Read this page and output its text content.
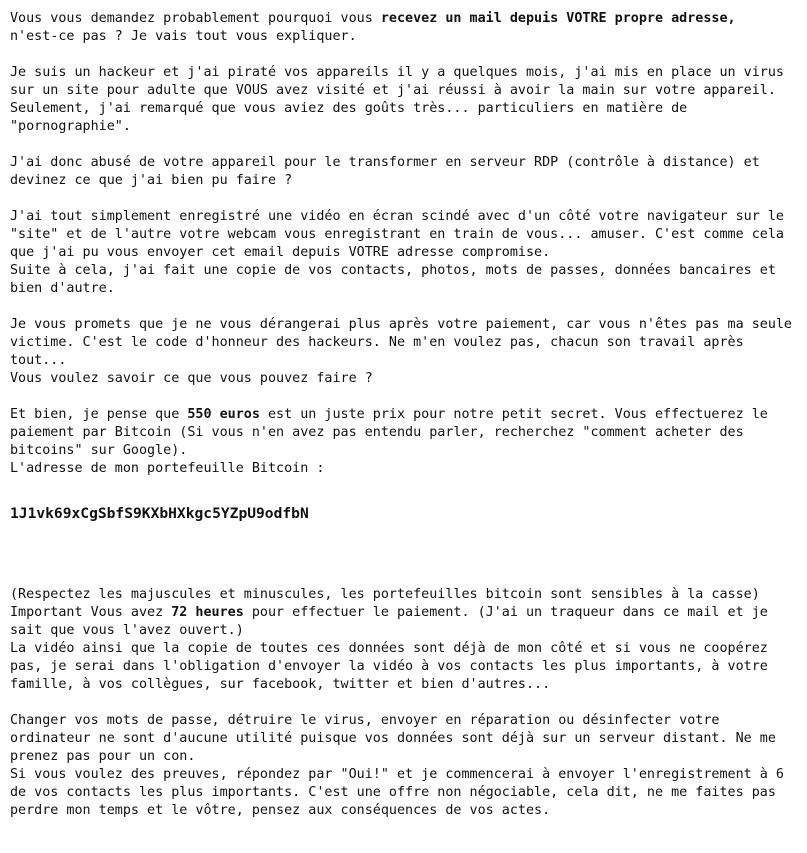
Vous vous demandez probablement pourquoi vous recevez un mail depuis VOTRE propre adresse,
n'est-ce pas ? Je vais tout vous expliquer.

Je suis un hackeur et j'ai piraté vos appareils il y a quelques mois, j'ai mis en place un virus sur un site pour adulte que VOUS avez visité et j'ai réussi à avoir la main sur votre appareil.
Seulement, j'ai remarqué que vous aviez des goûts très... particuliers en matière de "pornographie".

J'ai donc abusé de votre appareil pour le transformer en serveur RDP (contrôle à distance) et devinez ce que j'ai bien pu faire ?

J'ai tout simplement enregistré une vidéo en écran scindé avec d'un côté votre navigateur sur le "site" et de l'autre votre webcam vous enregistrant en train de vous... amuser. C'est comme cela que j'ai pu vous envoyer cet email depuis VOTRE adresse compromise.
Suite à cela, j'ai fait une copie de vos contacts, photos, mots de passes, données bancaires et bien d'autre.

Je vous promets que je ne vous dérangerai plus après votre paiement, car vous n'êtes pas ma seule victime. C'est le code d'honneur des hackeurs. Ne m'en voulez pas, chacun son travail après tout...
Vous voulez savoir ce que vous pouvez faire ?

Et bien, je pense que 550 euros est un juste prix pour notre petit secret. Vous effectuerez le paiement par Bitcoin (Si vous n'en avez pas entendu parler, recherchez "comment acheter des bitcoins" sur Google).
L'adresse de mon portefeuille Bitcoin :

1J1vk69xCgSbfS9KXbHXkgc5YZpU9odfbN

(Respectez les majuscules et minuscules, les portefeuilles bitcoin sont sensibles à la casse)
Important Vous avez 72 heures pour effectuer le paiement. (J'ai un traqueur dans ce mail et je sait que vous l'avez ouvert.)
La vidéo ainsi que la copie de toutes ces données sont déjà de mon côté et si vous ne coopérez pas, je serai dans l'obligation d'envoyer la vidéo à vos contacts les plus importants, à votre famille, à vos collègues, sur facebook, twitter et bien d'autres...

Changer vos mots de passe, détruire le virus, envoyer en réparation ou désinfecter votre ordinateur ne sont d'aucune utilité puisque vos données sont déjà sur un serveur distant. Ne me prenez pas pour un con.
Si vous voulez des preuves, répondez par "Oui!" et je commencerai à envoyer l'enregistrement à 6 de vos contacts les plus importants. C'est une offre non négociable, cela dit, ne me faites pas perdre mon temps et le vôtre, pensez aux conséquences de vos actes.
